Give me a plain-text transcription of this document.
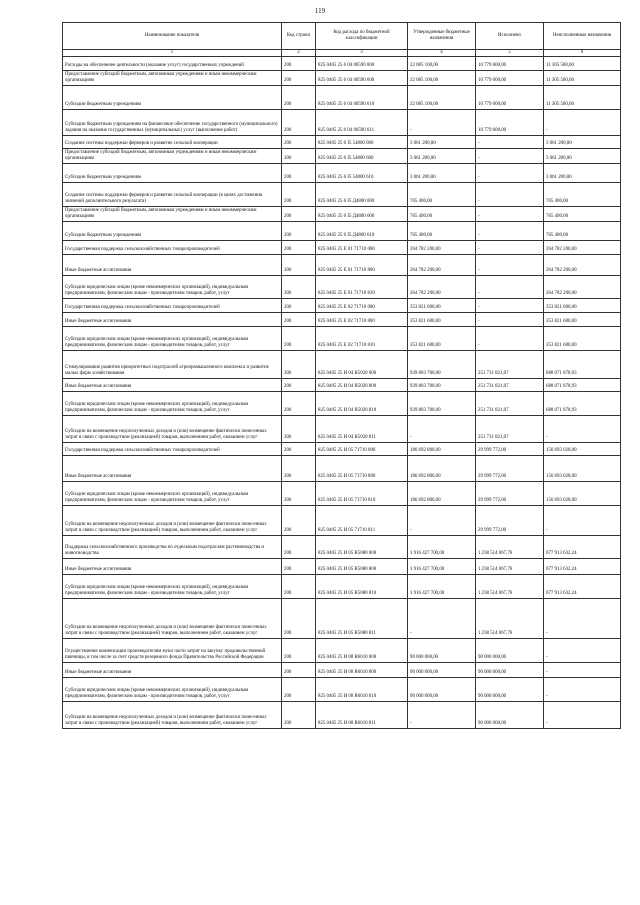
119
Наименование показателя	Код строки	Код расхода по бюджетной классификации	Утвержденные бюджетные назначения	Исполнено	Неисполненные назначения
1	2	3	4	5	6
Расходы на обеспечение деятельности (оказание услуг) государственных учреждений	200	825 0405 25 6 04 00590 000	22 085 100,00	10 779 600,00	11 305 500,00
Предоставление субсидий бюджетным, автономным учреждениям и иным некоммерческим организациям	200	825 0405 25 6 04 00590 600	22 085 100,00	10 779 600,00	11 305 500,00
Субсидии бюджетным учреждениям	200	825 0405 25 6 04 00590 610	22 085 100,00	10 779 600,00	11 305 500,00
Субсидии бюджетным учреждениям на финансовое обеспечение государственного (муниципального) задания на оказание государственных (муниципальных) услуг (выполнение работ)	200	825 0405 25 6 04 00590 611	-	10 779 600,00	-
Создание системы поддержки фермеров и развитие сельской кооперации	200	825 0405 25 6 I5 54800 000	3 061 200,00	-	3 061 200,00
Предоставление субсидий бюджетным, автономным учреждениям и иным некоммерческим организациям	200	825 0405 25 6 I5 54800 600	3 061 200,00	-	3 061 200,00
Субсидии бюджетным учреждениям	200	825 0405 25 6 I5 54800 610	3 061 200,00	-	3 061 200,00
Создание системы поддержки фермеров и развитие сельской кооперации (в целях достижения значений дополнительного результата)	200	825 0405 25 6 I5 Д4800 000	765 400,00	-	765 400,00
Предоставление субсидий бюджетным, автономным учреждениям и иным некоммерческим организациям	200	825 0405 25 6 I5 Д4800 600	765 400,00	-	765 400,00
Субсидии бюджетным учреждениям	200	825 0405 25 6 I5 Д4800 610	765 400,00	-	765 400,00
Государственная поддержка сельскохозяйственных товаропроизводителей	200	825 0405 25 Е 01 71710 000	264 782 200,00	-	264 782 200,00
Иные бюджетные ассигнования	200	825 0405 25 Е 01 71710 800	264 782 200,00	-	264 782 200,00
Субсидии юридическим лицам (кроме некоммерческих организаций), индивидуальным предпринимателям, физическим лицам - производителям товаров, работ, услуг	200	825 0405 25 Е 01 71710 810	264 782 200,00	-	264 782 200,00
Государственная поддержка сельскохозяйственных товаропроизводителей	200	825 0405 25 Е 02 71710 000	353 821 600,00	-	353 821 600,00
Иные бюджетные ассигнования	200	825 0405 25 Е 02 71710 800	353 821 600,00	-	353 821 600,00
Субсидии юридическим лицам (кроме некоммерческих организаций), индивидуальным предпринимателям, физическим лицам - производителям товаров, работ, услуг	200	825 0405 25 Е 02 71710 810	353 821 600,00	-	353 821 600,00
Стимулирование развития приоритетных подотраслей агропромышленного комплекса и развитие малых форм хозяйствования	200	825 0405 25 И 04 R5020 000	939 803 700,00	251 731 821,07	688 071 878,93
Иные бюджетные ассигнования	200	825 0405 25 И 04 R5020 800	939 803 700,00	251 731 821,07	688 071 878,93
Субсидии юридическим лицам (кроме некоммерческих организаций), индивидуальным предпринимателям, физическим лицам - производителям товаров, работ, услуг	200	825 0405 25 И 04 R5020 810	939 803 700,00	251 731 821,07	688 071 878,93
Субсидии на возмещение недополученных доходов и (или) возмещение фактически понесенных затрат в связи с производством (реализацией) товаров, выполнением работ, оказанием услуг	200	825 0405 25 И 04 R5020 811	-	251 731 821,07	-
Государственная поддержка сельскохозяйственных товаропроизводителей	200	825 0405 25 И 05 71710 000	186 692 800,00	29 999 772,00	156 693 028,00
Иные бюджетные ассигнования	200	825 0405 25 И 05 71710 800	186 692 800,00	29 999 772,00	156 693 028,00
Субсидии юридическим лицам (кроме некоммерческих организаций), индивидуальным предпринимателям, физическим лицам - производителям товаров, работ, услуг	200	825 0405 25 И 05 71710 810	186 692 800,00	29 999 772,00	156 693 028,00
Субсидии на возмещение недополученных доходов и (или) возмещение фактически понесенных затрат в связи с производством (реализацией) товаров, выполнением работ, оказанием услуг	200	825 0405 25 И 05 71710 811	-	29 999 772,00	-
Поддержка сельскохозяйственного производства по отдельным подотраслям растениеводства и животноводства	200	825 0405 25 И 05 R5080 000	1 916 427 700,00	1 238 514 067,76	677 913 632,24
Иные бюджетные ассигнования	200	825 0405 25 И 05 R5080 800	1 916 427 700,00	1 238 514 067,76	677 913 632,24
Субсидии юридическим лицам (кроме некоммерческих организаций), индивидуальным предпринимателям, физическим лицам - производителям товаров, работ, услуг	200	825 0405 25 И 05 R5080 810	1 916 427 700,00	1 238 514 067,76	677 913 632,24
Субсидии на возмещение недополученных доходов и (или) возмещение фактически понесенных затрат в связи с производством (реализацией) товаров, выполнением работ, оказанием услуг	200	825 0405 25 И 05 R5080 811	-	1 238 514 067,76	-
Осуществление компенсации производителям муки части затрат на закупку продовольственной пшеницы, в том числе за счет средств резервного фонда Правительства Российской Федерации	200	825 0405 25 И 08 R6010 000	90 000 000,00	90 000 000,00	-
Иные бюджетные ассигнования	200	825 0405 25 И 08 R6010 800	90 000 000,00	90 000 000,00	-
Субсидии юридическим лицам (кроме некоммерческих организаций), индивидуальным предпринимателям, физическим лицам - производителям товаров, работ, услуг	200	825 0405 25 И 08 R6010 810	90 000 000,00	90 000 000,00	-
Субсидии на возмещение недополученных доходов и (или) возмещение фактически понесенных затрат в связи с производством (реализацией) товаров, выполнением работ, оказанием услуг	200	825 0405 25 И 08 R6010 811	-	90 000 000,00	-
